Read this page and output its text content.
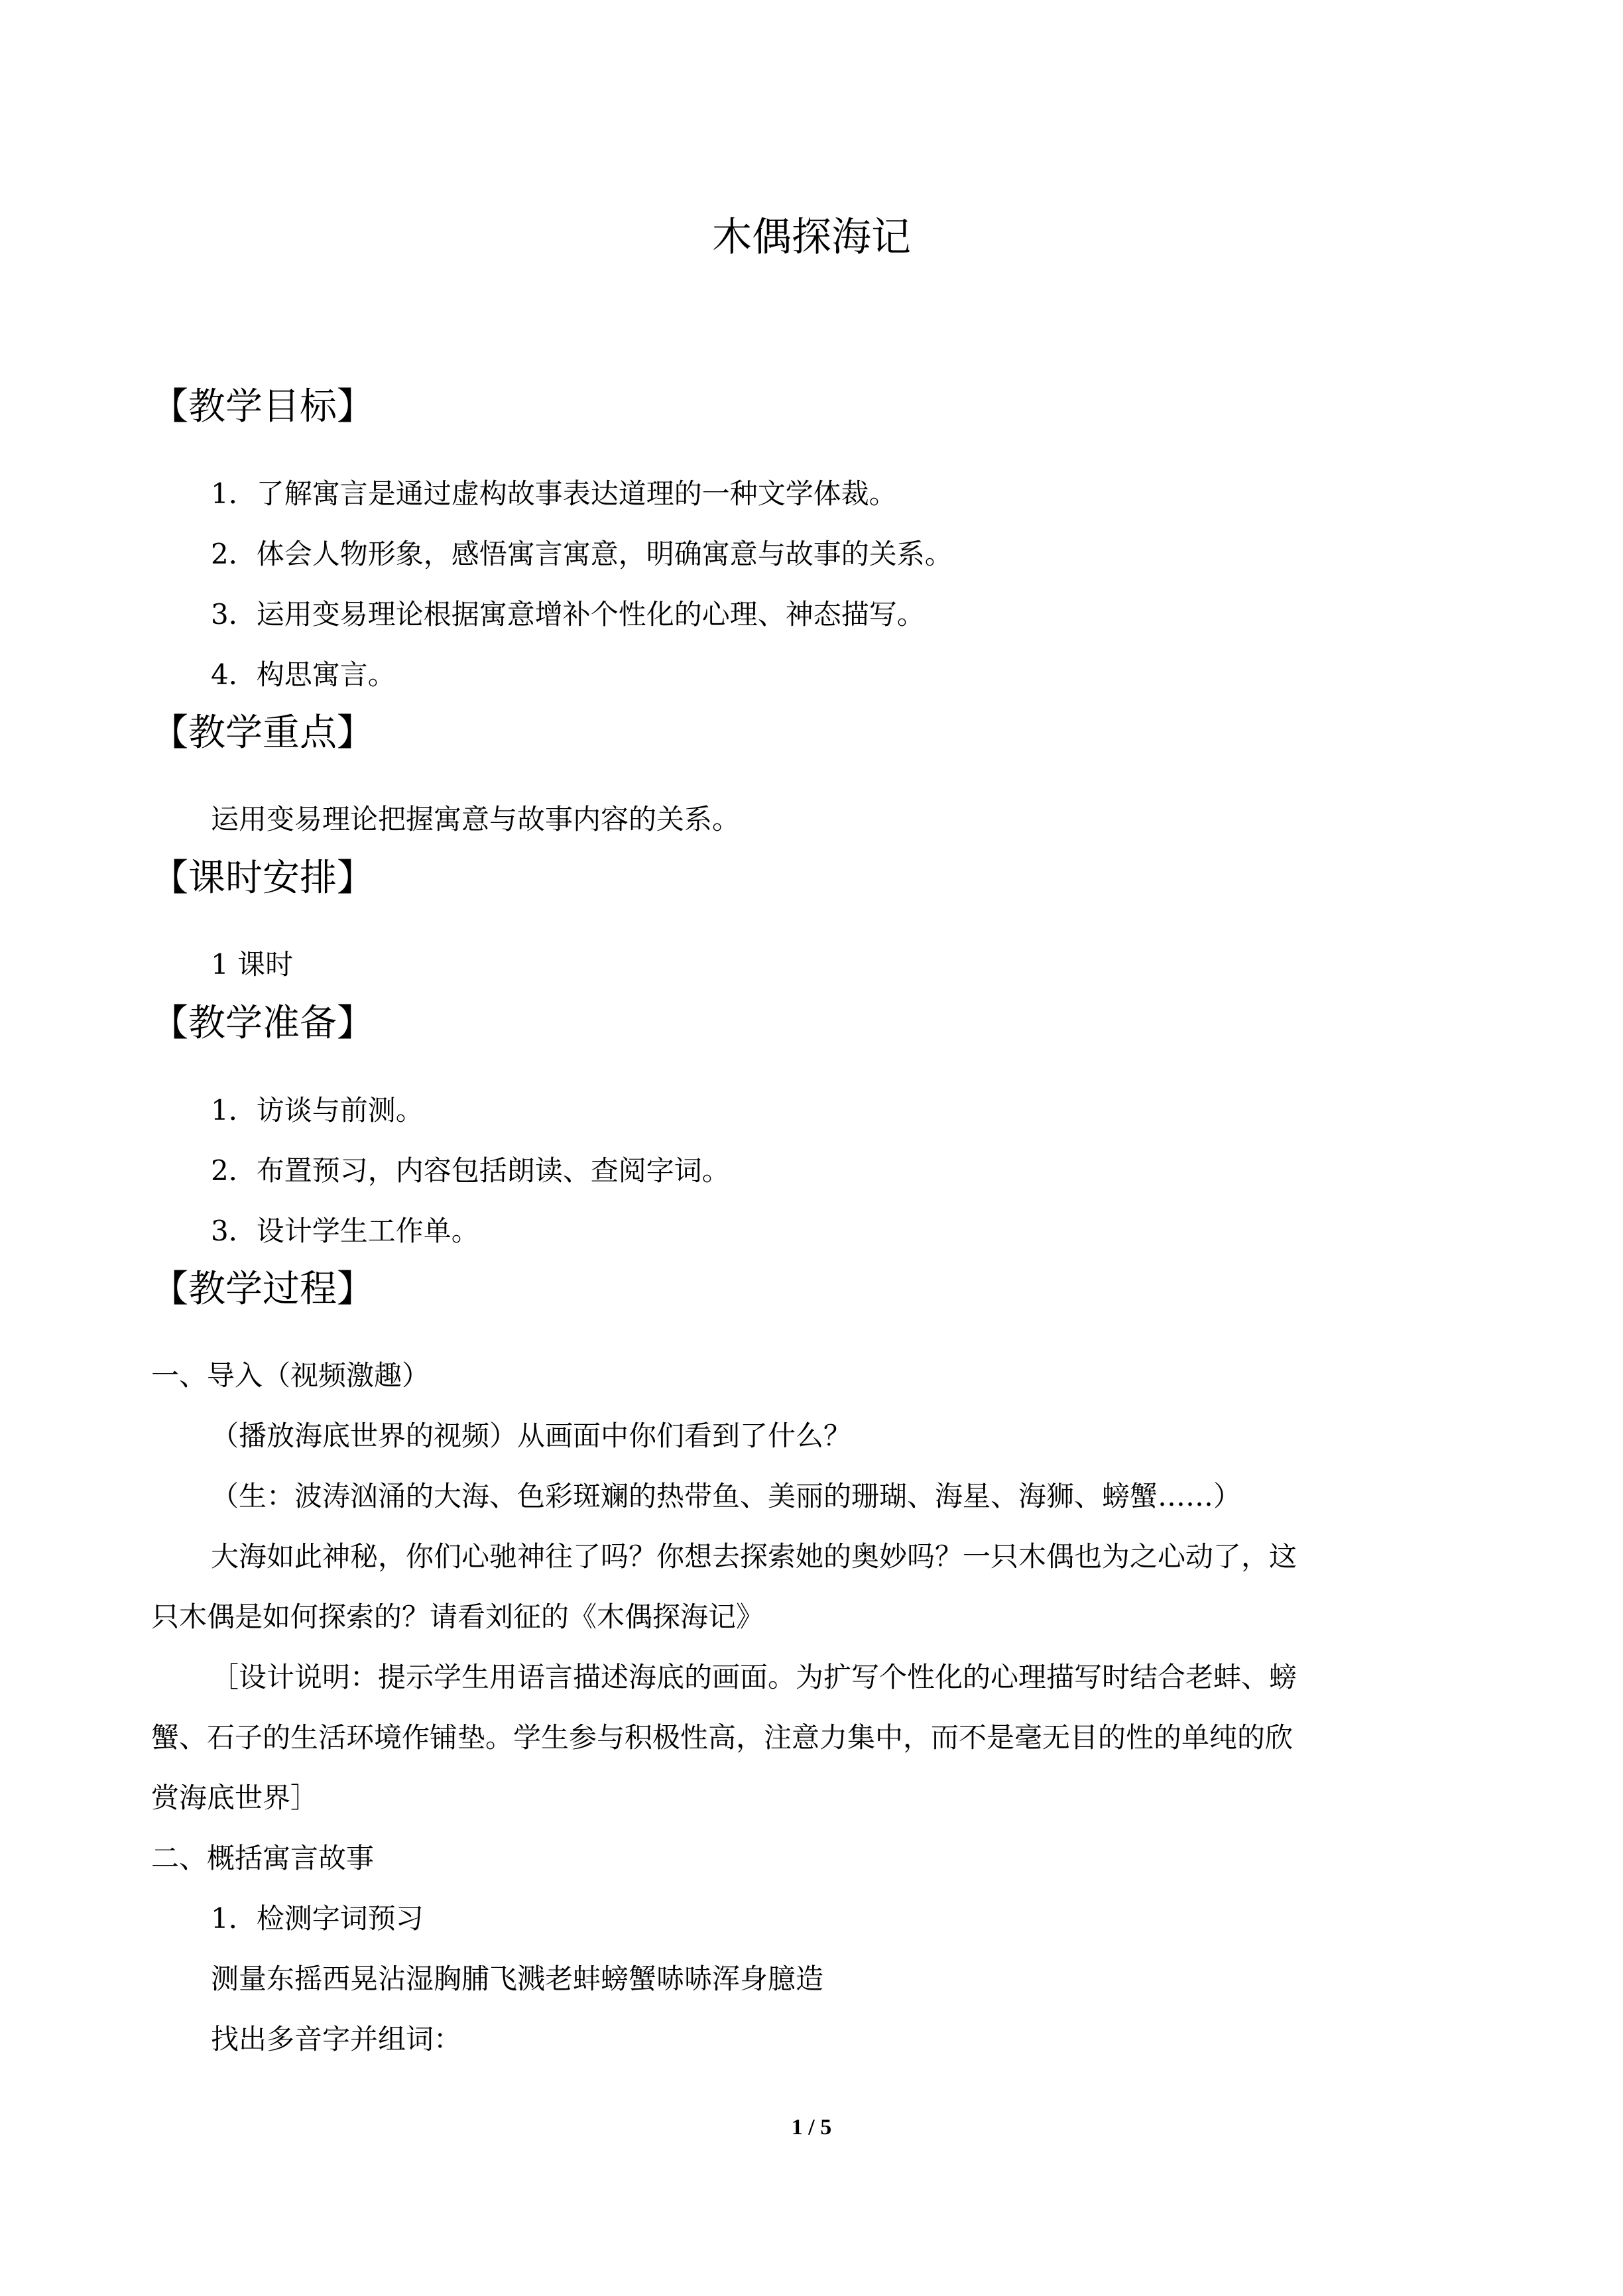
木偶探海记
【教学目标】
1．了解寓言是通过虚构故事表达道理的一种文学体裁。
2．体会人物形象，感悟寓言寓意，明确寓意与故事的关系。
3．运用变易理论根据寓意增补个性化的心理、神态描写。
4．构思寓言。
【教学重点】
运用变易理论把握寓意与故事内容的关系。
【课时安排】
1 课时
【教学准备】
1．访谈与前测。
2．布置预习，内容包括朗读、查阅字词。
3．设计学生工作单。
【教学过程】
一、导入（视频激趣）
（播放海底世界的视频）从画面中你们看到了什么？
（生：波涛汹涌的大海、色彩斑斓的热带鱼、美丽的珊瑚、海星、海狮、螃蟹……）
大海如此神秘，你们心驰神往了吗？你想去探索她的奥妙吗？一只木偶也为之心动了，这
只木偶是如何探索的？请看刘征的《木偶探海记》
［设计说明：提示学生用语言描述海底的画面。为扩写个性化的心理描写时结合老蚌、螃
蟹、石子的生活环境作铺垫。学生参与积极性高，注意力集中，而不是毫无目的性的单纯的欣
赏海底世界］
二、概括寓言故事
1．检测字词预习
测量东摇西晃沾湿胸脯飞溅老蚌螃蟹哧哧浑身臆造
找出多音字并组词：
1 / 5
